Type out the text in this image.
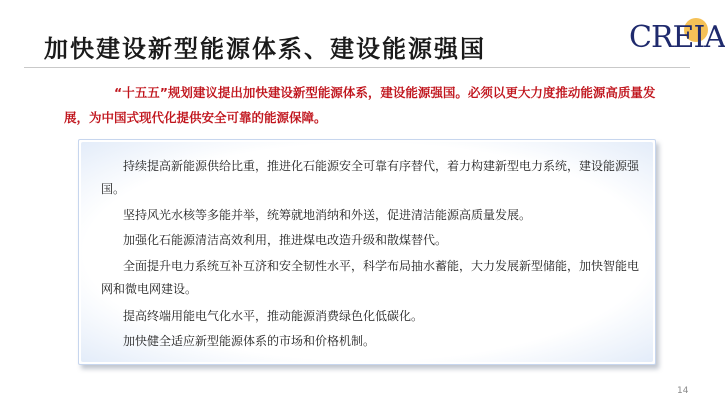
加快建设新型能源体系、建设能源强国	CREIA
“十五五”规划建议提出加快建设新型能源体系，建设能源强国。必须以更大力度推动能源高质量发展，为中国式现代化提供安全可靠的能源保障。
持续提高新能源供给比重，推进化石能源安全可靠有序替代，着力构建新型电力系统，建设能源强国。
坚持风光水核等多能并举，统筹就地消纳和外送，促进清洁能源高质量发展。
加强化石能源清洁高效利用，推进煤电改造升级和散煤替代。
全面提升电力系统互补互济和安全韧性水平，科学布局抽水蓄能，大力发展新型储能，加快智能电网和微电网建设。
提高终端用能电气化水平，推动能源消费绿色化低碳化。
加快健全适应新型能源体系的市场和价格机制。
14
